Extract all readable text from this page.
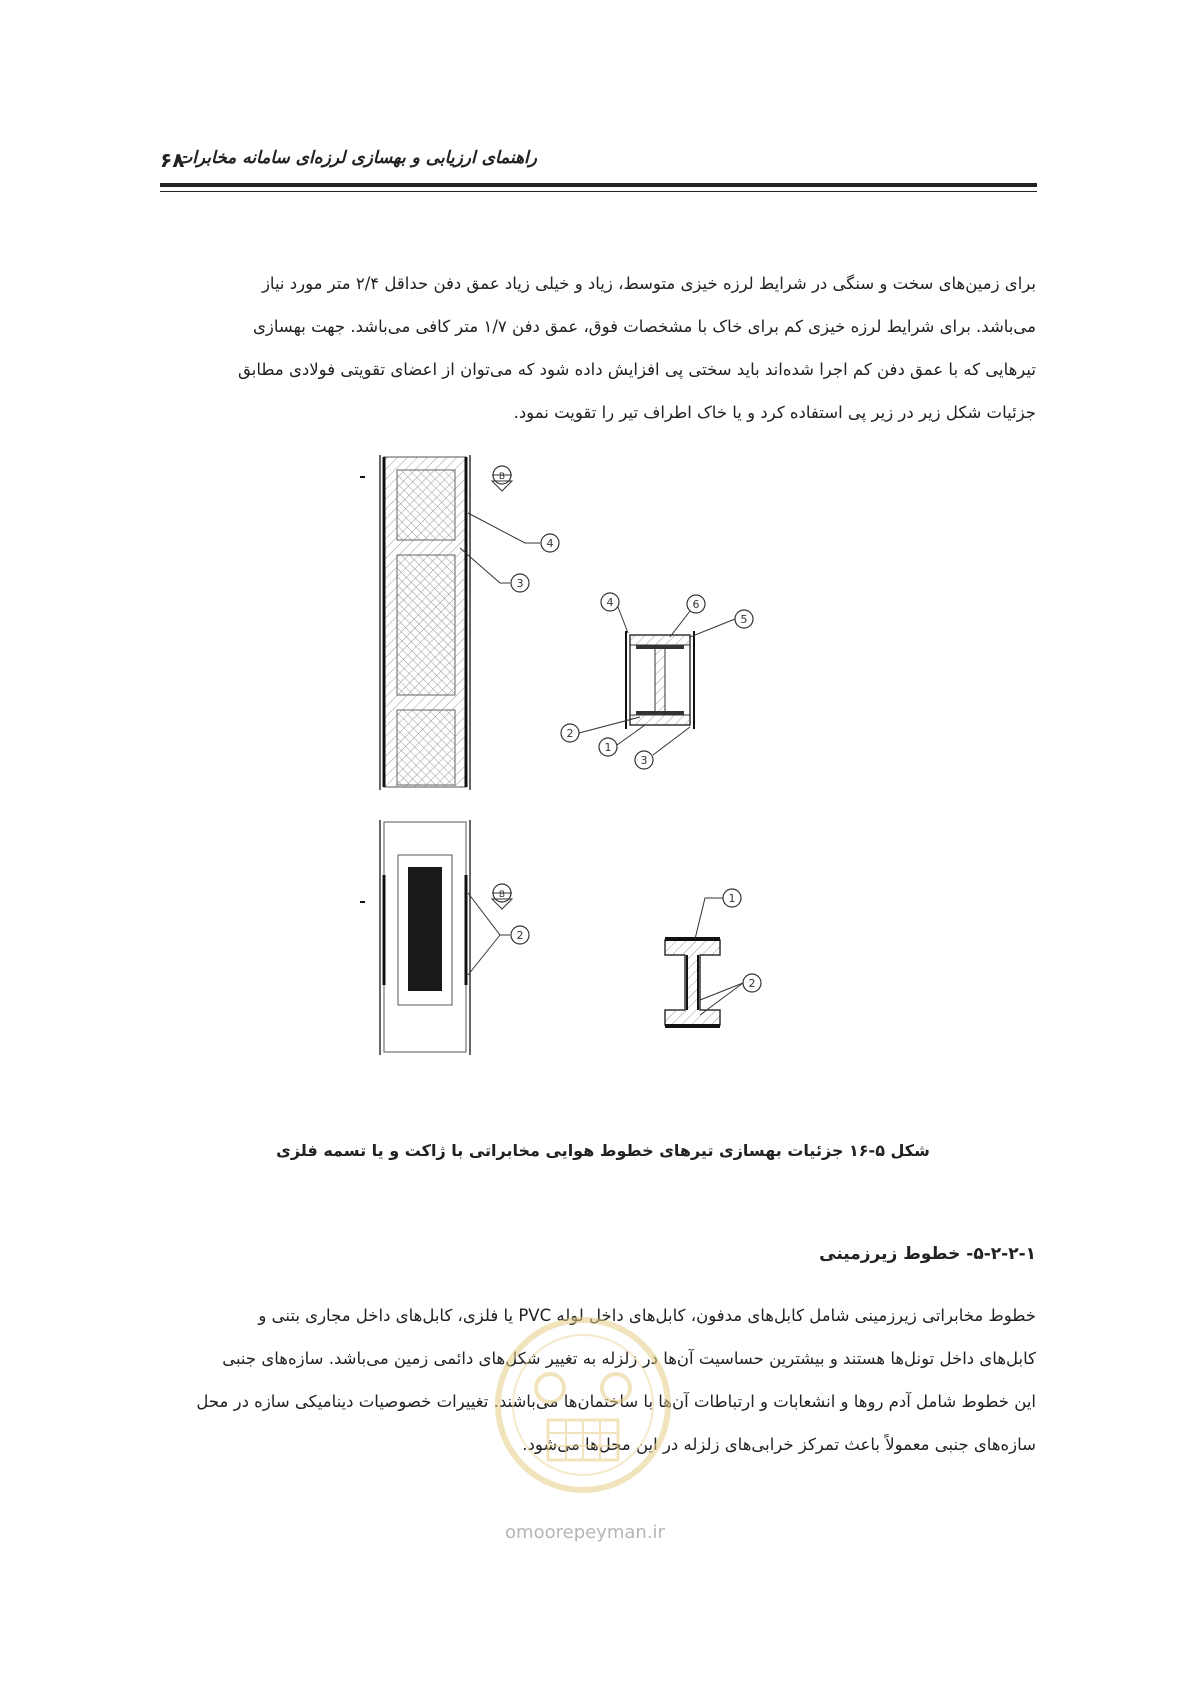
راهنمای ارزیابی و بهسازی لرزه‌ای سامانه مخابرات
۶۸
برای زمین‌های سخت و سنگی در شرایط لرزه خیزی متوسط، زیاد و خیلی زیاد عمق دفن حداقل ۲/۴ متر مورد نیاز
می‌باشد. برای شرایط لرزه خیزی کم برای خاک با مشخصات فوق، عمق دفن ۱/۷ متر کافی می‌باشد. جهت بهسازی
تیرهایی که با عمق دفن کم اجرا شده‌اند باید سختی پی افزایش داده شود که می‌توان از اعضای تقویتی فولادی مطابق
جزئیات شکل زیر در زیر پی استفاده کرد و یا خاک اطراف تیر را تقویت نمود.
B
4
3
4	6
5
2
1
3
B
2
1
2
شکل ۵-۱۶ جزئیات بهسازی تیرهای خطوط هوایی مخابراتی با ژاکت و یا تسمه فلزی
۵-۲-۲-۱- خطوط زیرزمینی
خطوط مخابراتی زیرزمینی شامل کابل‌های مدفون، کابل‌های داخل لوله PVC یا فلزی، کابل‌های داخل مجاری بتنی و
کابل‌های داخل تونل‌ها هستند و بیشترین حساسیت آن‌ها در زلزله به تغییر شکل‌های دائمی زمین می‌باشد. سازه‌های جنبی
این خطوط شامل آدم روها و انشعابات و ارتباطات آن‌ها با ساختمان‌ها می‌باشند. تغییرات خصوصیات دینامیکی سازه در محل
سازه‌های جنبی معمولاً باعث تمرکز خرابی‌های زلزله در این محل‌ها می‌شود.
omoorepeyman.ir
